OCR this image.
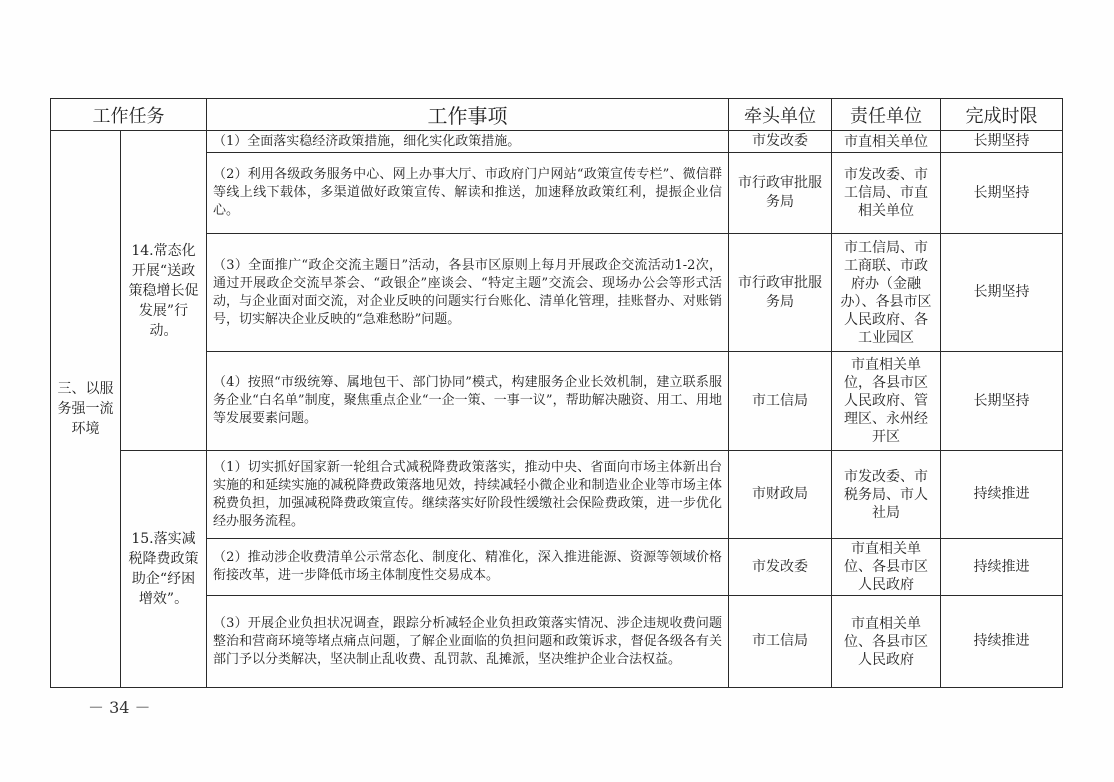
工作任务		工作事项	牵头单位	责任单位	完成时限
三、以服务强一流环境	14.常态化开展“送政策稳增长促发展”行动。	（1）全面落实稳经济政策措施，细化实化政策措施。	市发改委	市直相关单位	长期坚持
		（2）利用各级政务服务中心、网上办事大厅、市政府门户网站“政策宣传专栏”、微信群等线上线下载体，多渠道做好政策宣传、解读和推送，加速释放政策红利，提振企业信心。	市行政审批服务局	市发改委、市工信局、市直相关单位	长期坚持
		（3）全面推广“政企交流主题日”活动，各县市区原则上每月开展政企交流活动1-2次，通过开展政企交流早茶会、“政银企”座谈会、“特定主题”交流会、现场办公会等形式活动，与企业面对面交流，对企业反映的问题实行台账化、清单化管理，挂账督办、对账销号，切实解决企业反映的“急难愁盼”问题。	市行政审批服务局	市工信局、市工商联、市政府办（金融办）、各县市区人民政府、各工业园区	长期坚持
		（4）按照“市级统筹、属地包干、部门协同”模式，构建服务企业长效机制，建立联系服务企业“白名单”制度，聚焦重点企业“一企一策、一事一议”，帮助解决融资、用工、用地等发展要素问题。	市工信局	市直相关单位，各县市区人民政府、管理区、永州经开区	长期坚持
	15.落实减税降费政策助企“纾困增效”。	（1）切实抓好国家新一轮组合式减税降费政策落实，推动中央、省面向市场主体新出台实施的和延续实施的减税降费政策落地见效，持续减轻小微企业和制造业企业等市场主体税费负担，加强减税降费政策宣传。继续落实好阶段性缓缴社会保险费政策，进一步优化经办服务流程。	市财政局	市发改委、市税务局、市人社局	持续推进
		（2）推动涉企收费清单公示常态化、制度化、精准化，深入推进能源、资源等领域价格衔接改革，进一步降低市场主体制度性交易成本。	市发改委	市直相关单位、各县市区人民政府	持续推进
		（3）开展企业负担状况调查，跟踪分析减轻企业负担政策落实情况、涉企违规收费问题整治和营商环境等堵点痛点问题，了解企业面临的负担问题和政策诉求，督促各级各有关部门予以分类解决，坚决制止乱收费、乱罚款、乱摊派，坚决维护企业合法权益。	市工信局	市直相关单位、各县市区人民政府	持续推进
－ 34 －
